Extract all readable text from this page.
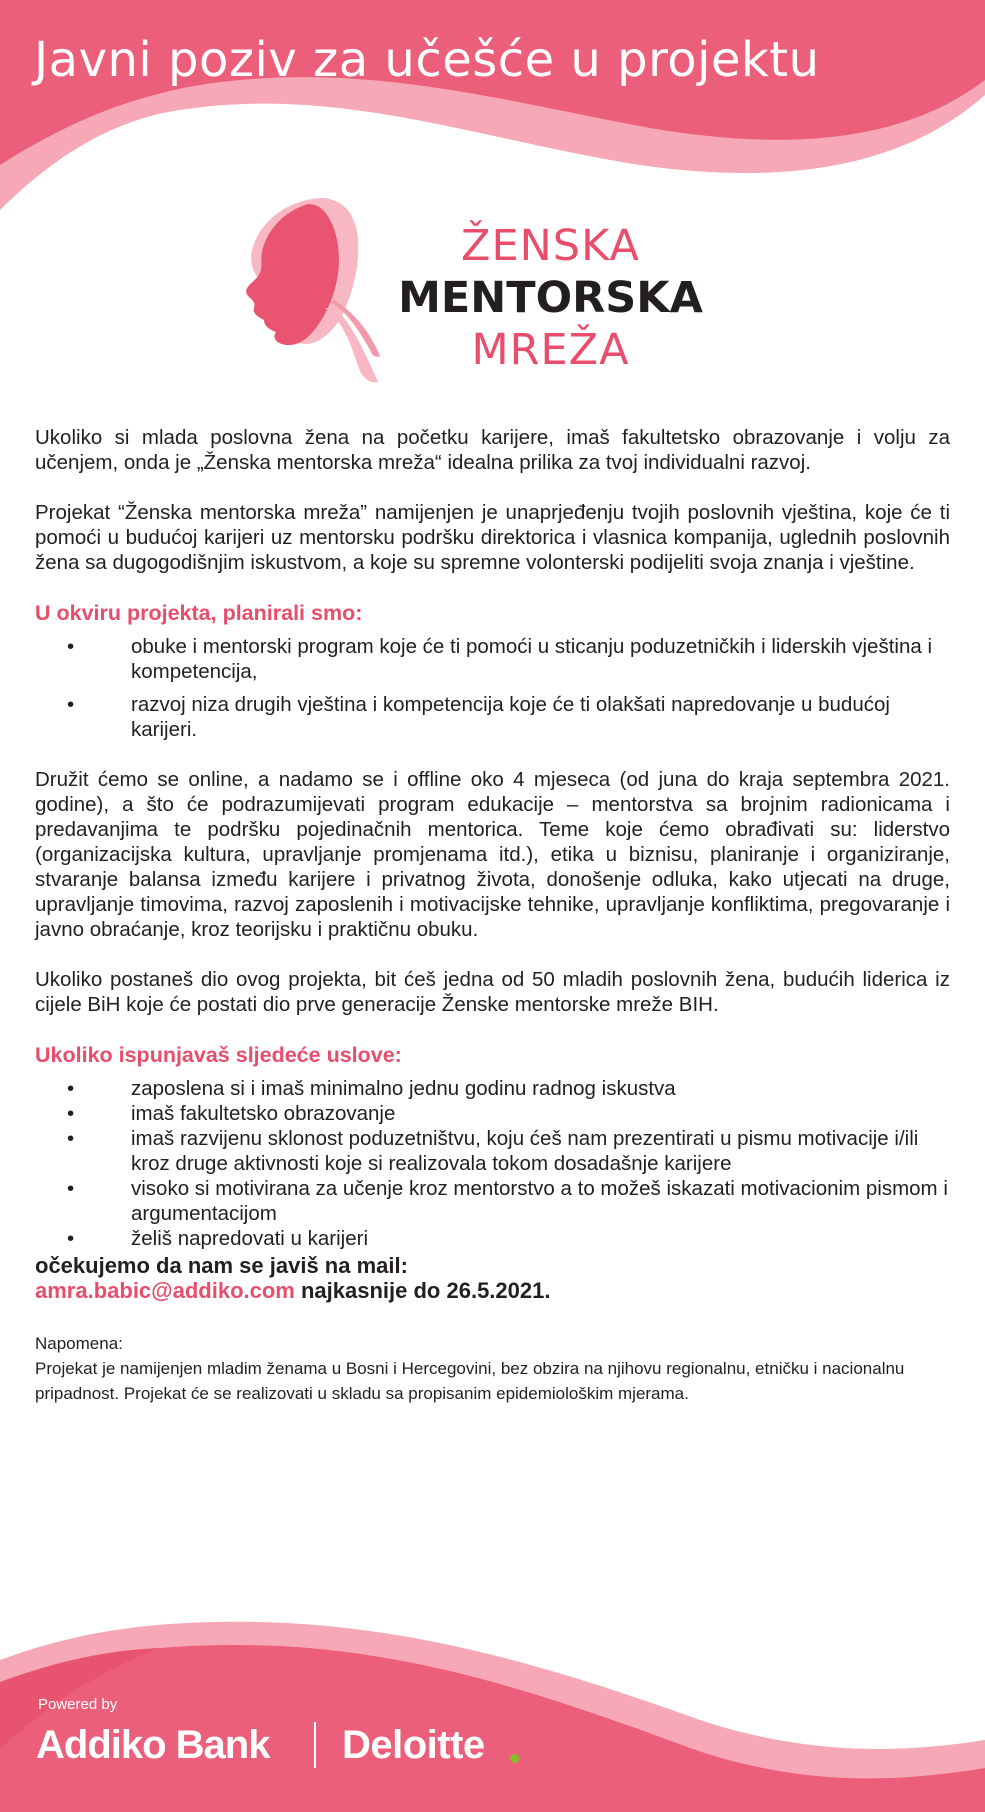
Javni poziv za učešće u projektu
ŽENSKA
MENTORSKA
MREŽA

Ukoliko si mlada poslovna žena na početku karijere, imaš fakultetsko obrazovanje i volju za učenjem, onda je „Ženska mentorska mreža“ idealna prilika za tvoj individualni razvoj.

Projekat “Ženska mentorska mreža” namijenjen je unaprjeđenju tvojih poslovnih vještina, koje će ti pomoći u budućoj karijeri uz mentorsku podršku direktorica i vlasnica kompanija, uglednih poslovnih žena sa dugogodišnjim iskustvom, a koje su spremne volonterski podijeliti svoja znanja i vještine.

U okviru projekta, planirali smo:

• obuke i mentorski program koje će ti pomoći u sticanju poduzetničkih i liderskih vještina i kompetencija,
• razvoj niza drugih vještina i kompetencija koje će ti olakšati napredovanje u budućoj karijeri.

Družit ćemo se online, a nadamo se i offline oko 4 mjeseca (od juna do kraja septembra 2021. godine), a što će podrazumijevati program edukacije – mentorstva sa brojnim radionicama i predavanjima te podršku pojedinačnih mentorica. Teme koje ćemo obrađivati su: liderstvo (organizacijska kultura, upravljanje promjenama itd.), etika u biznisu, planiranje i organiziranje, stvaranje balansa između karijere i privatnog života, donošenje odluka, kako utjecati na druge, upravljanje timovima, razvoj zaposlenih i motivacijske tehnike, upravljanje konfliktima, pregovaranje i javno obraćanje, kroz teorijsku i praktičnu obuku.

Ukoliko postaneš dio ovog projekta, bit ćeš jedna od 50 mladih poslovnih žena, budućih liderica iz cijele BiH koje će postati dio prve generacije Ženske mentorske mreže BIH.

Ukoliko ispunjavaš sljedeće uslove:

• zaposlena si i imaš minimalno jednu godinu radnog iskustva
• imaš fakultetsko obrazovanje
• imaš razvijenu sklonost poduzetništvu, koju ćeš nam prezentirati u pismu motivacije i/ili kroz druge aktivnosti koje si realizovala tokom dosadašnje karijere
• visoko si motivirana za učenje kroz mentorstvo a to možeš iskazati motivacionim pismom i argumentacijom
• želiš napredovati u karijeri
očekujemo da nam se javiš na mail:
amra.babic@addiko.com najkasnije do 26.5.2021.
Napomena:
Projekat je namijenjen mladim ženama u Bosni i Hercegovini, bez obzira na njihovu regionalnu, etničku i nacionalnu pripadnost. Projekat će se realizovati u skladu sa propisanim epidemiološkim mjerama.
Powered by
Addiko Bank Deloitte
